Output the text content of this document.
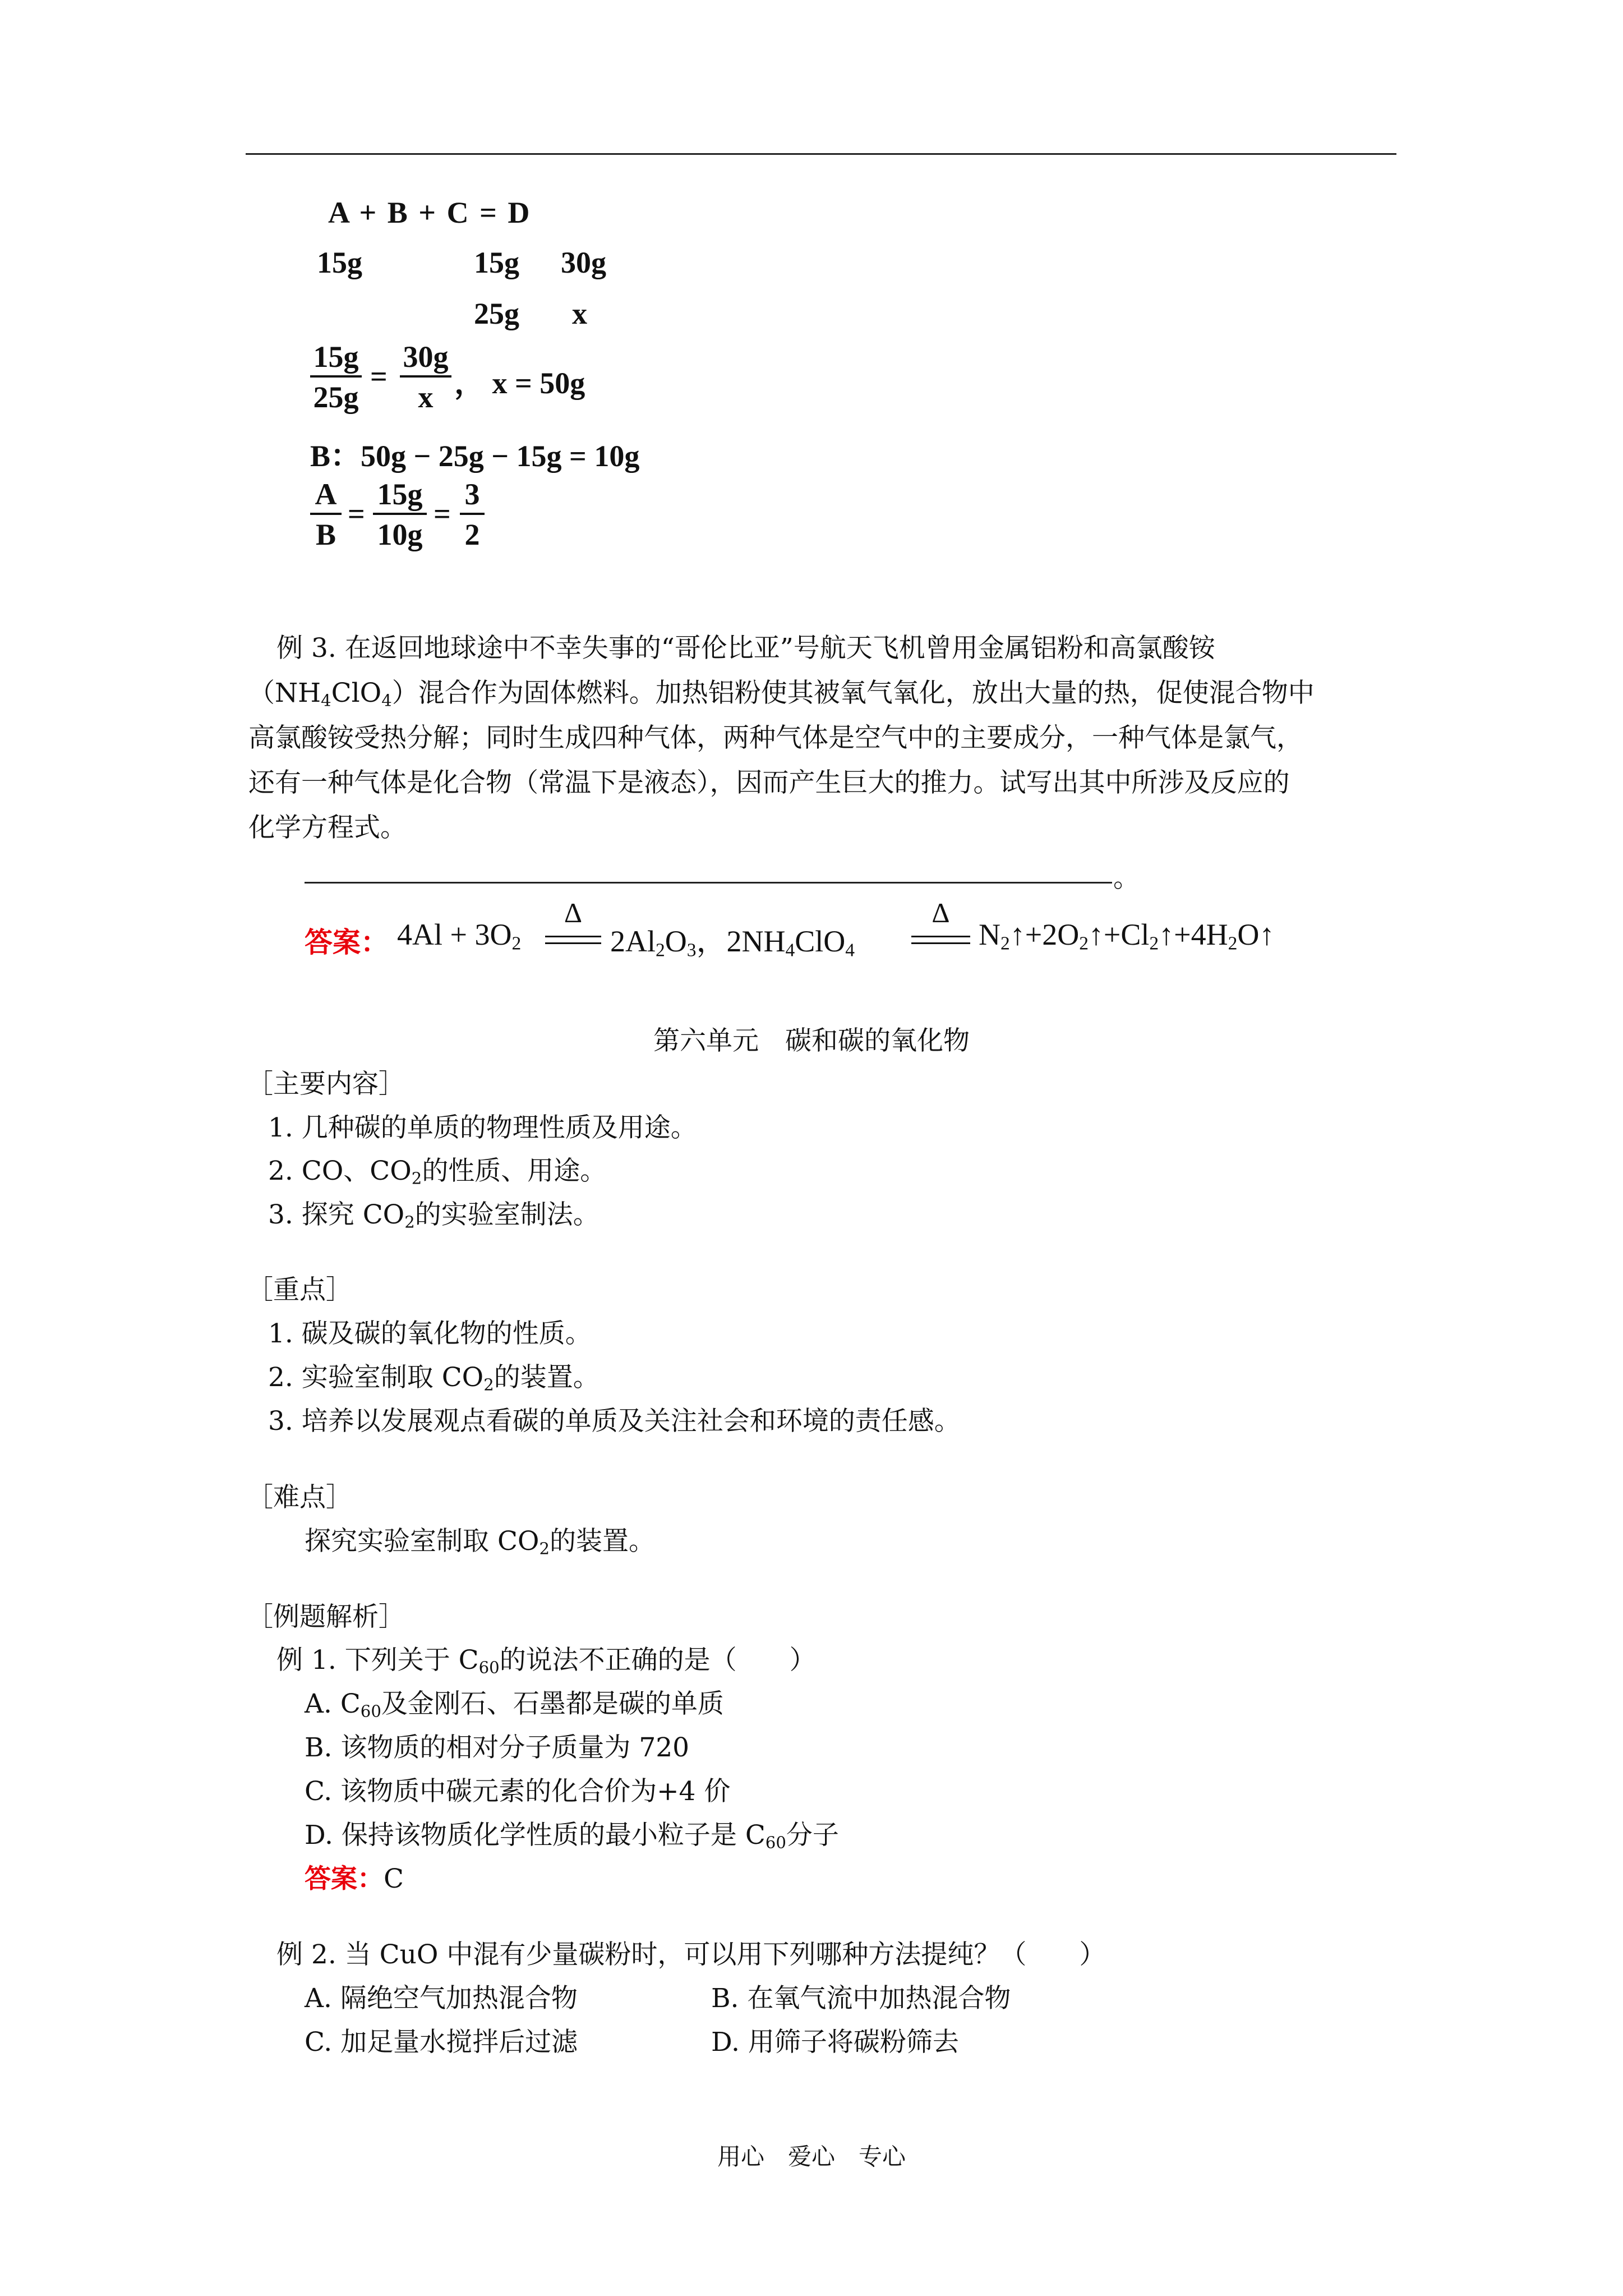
A + B + C = D
15g	15g 30g
25g x
15g
25g
=
30g
x ， x = 50g
B：50g − 25g − 15g = 10g
A
B
=
15g
10g
=
3
2
例 3. 在返回地球途中不幸失事的“哥伦比亚”号航天飞机曾用金属铝粉和高氯酸铵
$(NH_4ClO_4)$混合作为固体燃料。加热铝粉使其被氧气氧化，放出大量的热，促使混合物中
高氯酸铵受热分解；同时生成四种气体，两种气体是空气中的主要成分，一种气体是氯气，
还有一种气体是化合物（常温下是液态），因而产生巨大的推力。试写出其中所涉及反应的
化学方程式。
。
答案： $4Al + 3O_2$
Δ
$2Al_2O_3$，$2NH_4ClO_4$
Δ
$N_2↑+2O_2↑+Cl_2↑+4H_2O↑$
第六单元　碳和碳的氧化物
［主要内容］
1. 几种碳的单质的物理性质及用途。
2. CO、$CO_2$的性质、用途。
3. 探究 $CO_2$的实验室制法。
［重点］
1. 碳及碳的氧化物的性质。
2. 实验室制取 $CO_2$的装置。
3. 培养以发展观点看碳的单质及关注社会和环境的责任感。
［难点］
探究实验室制取 $CO_2$的装置。
［例题解析］
例 1. 下列关于 $C_{60}$的说法不正确的是（　　）
A. $C_{60}$及金刚石、石墨都是碳的单质
B. 该物质的相对分子质量为 720
C. 该物质中碳元素的化合价为+4 价
D. 保持该物质化学性质的最小粒子是 $C_{60}$分子
答案：C
例 2. 当 CuO 中混有少量碳粉时，可以用下列哪种方法提纯？（　　）
A. 隔绝空气加热混合物	B. 在氧气流中加热混合物
C. 加足量水搅拌后过滤	D. 用筛子将碳粉筛去
用心　爱心　专心
